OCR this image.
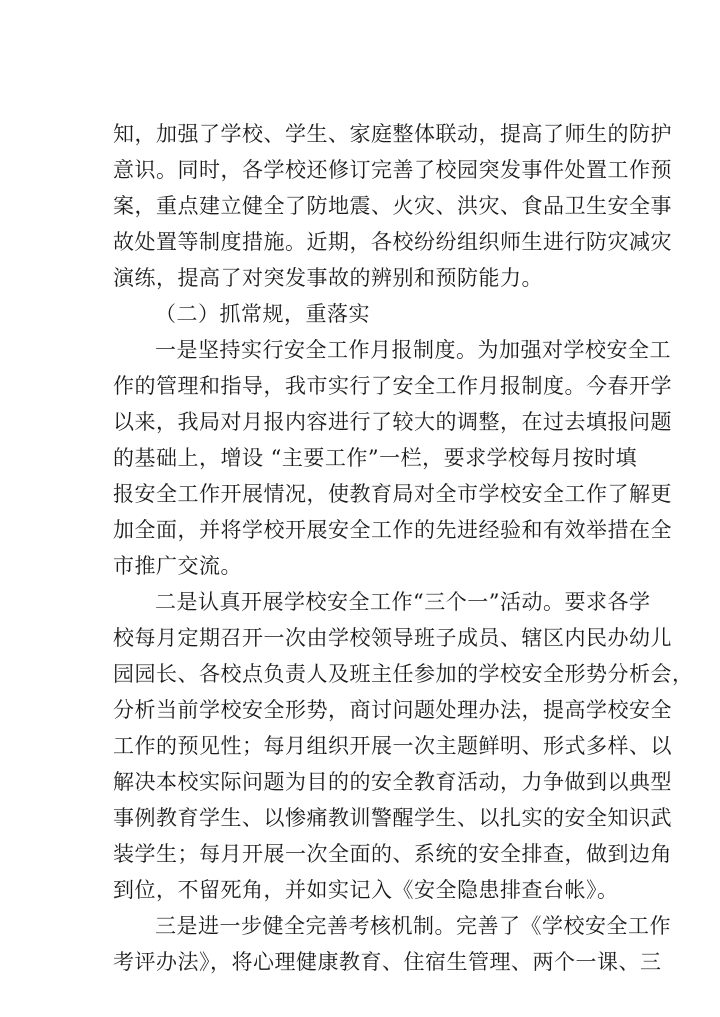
知，加强了学校、学生、家庭整体联动，提高了师生的防护
意识。同时，各学校还修订完善了校园突发事件处置工作预
案，重点建立健全了防地震、火灾、洪灾、食品卫生安全事
故处置等制度措施。近期，各校纷纷组织师生进行防灾减灾
演练，提高了对突发事故的辨别和预防能力。
（二）抓常规，重落实
一是坚持实行安全工作月报制度。为加强对学校安全工
作的管理和指导，我市实行了安全工作月报制度。今春开学
以来，我局对月报内容进行了较大的调整，在过去填报问题
的基础上，增设 “主要工作”一栏，要求学校每月按时填
报安全工作开展情况，使教育局对全市学校安全工作了解更
加全面，并将学校开展安全工作的先进经验和有效举措在全
市推广交流。
二是认真开展学校安全工作“三个一”活动。要求各学
校每月定期召开一次由学校领导班子成员、辖区内民办幼儿
园园长、各校点负责人及班主任参加的学校安全形势分析会，
分析当前学校安全形势，商讨问题处理办法，提高学校安全
工作的预见性；每月组织开展一次主题鲜明、形式多样、以
解决本校实际问题为目的的安全教育活动，力争做到以典型
事例教育学生、以惨痛教训警醒学生、以扎实的安全知识武
装学生；每月开展一次全面的、系统的安全排查，做到边角
到位，不留死角，并如实记入《安全隐患排查台帐》。
三是进一步健全完善考核机制。完善了《学校安全工作
考评办法》，将心理健康教育、住宿生管理、两个一课、三
